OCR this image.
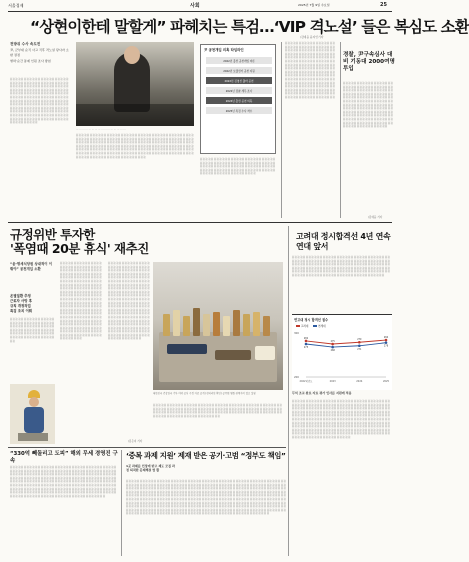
서울경제	사회	2025년 7월 9일 수요일	25
“상현이한테 말할게” 파헤치는 특검…‘VIP 격노설’ 들은 복심도 소환
/김예음 윤지인기자
전방위 수사 속도전
尹, 군부대 순직 사고 직후 격노설 당사자 소환 결정
병력·순간 통제 인원 조사 방침
░ ░ ░ ░ ░ ░ ░ ░ ░ ░ ░ ░ ░ ░ ░ ░ ░ ░ ░ ░ ░ ░ ░ ░ ░ ░ ░ ░ ░ ░ ░ ░ ░ ░ ░ ░ ░ ░ ░ ░ ░ ░ ░ ░ ░ ░ ░ ░ ░ ░ ░ ░ ░ ░ ░ ░ ░ ░ ░ ░ ░ ░ ░ ░ ░ ░ ░ ░ ░ ░ ░ ░ ░ ░ ░ ░ ░ ░ ░ ░ ░ ░ ░ ░ ░ ░ ░ ░ ░ ░ ░ ░ ░ ░ ░ ░ ░ ░ ░ ░ ░ ░ ░ ░ ░ ░ ░ ░ ░ ░ ░ ░ ░ ░ ░ ░ ░ ░ ░ ░ ░ ░ ░ ░ ░ ░ ░ ░ ░ ░ ░ ░ ░ ░ ░ ░ ░ ░ ░ ░ ░ ░ ░ ░ ░ ░ ░ ░ ░ ░ ░ ░ ░ ░ ░ ░ ░ ░ ░ ░ ░ ░ ░ ░ ░ ░ ░ ░ ░ ░ ░ ░ ░ ░ ░ ░ ░ ░ ░ ░ ░ ░ ░ ░ ░ ░ ░ ░ ░ ░ ░ ░ ░ ░ ░ ░ ░ ░ ░ ░ ░ ░ ░ ░ ░ ░ ░ ░ ░ ░ ░ ░ ░ ░ ░ ░ ░ ░ ░ ░ ░ ░ ░ ░ ░ ░ ░ ░ ░ ░ ░ ░ ░ ░ ░ ░ ░ ░ ░ ░ ░ ░ ░ ░ ░ ░ ░ ░ ░ ░ ░ ░ ░ ░ ░ ░ ░ ░ ░ ░ ░ ░
⋯ ⋯ ⋯ ⋯ ⋯ ⋯ ⋯ ⋯ ⋯ ⋯ ⋯ ⋯ ⋯ ⋯ ⋯ ⋯
尹 공천개입 의혹 타임라인
2022년 총선 공천개입 여론
2022년 보궐선거 공천 지원
2022년 김영선 출마 공천
2022년 검찰 세무 조사
2024년 총선 공천 의혹
2025년 특검 수사 착수
░ ░ ░ ░ ░ ░ ░ ░ ░ ░ ░ ░ ░ ░ ░ ░ ░ ░ ░ ░ ░ ░ ░ ░ ░ ░ ░ ░ ░ ░ ░ ░ ░ ░ ░ ░ ░ ░ ░ ░ ░ ░ ░ ░ ░ ░ ░ ░ ░ ░ ░ ░ ░ ░ ░ ░ ░ ░ ░ ░ ░ ░ ░ ░ ░ ░ ░ ░ ░ ░ ░ ░ ░ ░ ░ ░ ░ ░ ░ ░ ░ ░ ░ ░ ░ ░ ░ ░ ░ ░ ░ ░ ░ ░ ░ ░ ░ ░ ░ ░ ░ ░ ░ ░ ░ ░ ░ ░ ░ ░ ░ ░ ░ ░ ░ ░ ░ ░ ░ ░ ░ ░ ░ ░ ░ ░ ░ ░ ░ ░ ░ ░ ░ ░ ░ ░ ░ ░ ░ ░ ░ ░ ░ ░ ░ ░ ░ ░ ░ ░ ░ ░ ░ ░ ░ ░ ░ ░ ░ ░ ░ ░ ░ ░ ░ ░ ░ ░ ░ ░ ░ ░ ░ ░ ░ ░ ░ ░ ░ ░ ░ ░ ░ ░ ░ ░ ░ ░ ░ ░ ░ ░ ░ ░ ░ ░ ░ ░ ░ ░ ░ ░ ░ ░ ░ ░ ░ ░ ░ ░ ░ ░ ░ ░ ░ ░ ░ ░ ░ ░ ░ ░ ░ ░ ░ ░ ░ ░ ░ ░ ░ ░ ░ ░ ░ ░ ░ ░ ░ ░ ░ ░ ░ ░ ░ ░ ░ ░ ░ ░ ░ ░ ░ ░ ░ ░ ░ ░ ░ ░ ░ ░ ░ ░ ░ ░ ░ ░ ░ ░ ░ ░ ░ ░ ░ ░ ░
░ ░ ░ ░ ░ ░ ░ ░ ░ ░ ░ ░ ░ ░ ░ ░ ░ ░ ░ ░ ░ ░ ░ ░ ░ ░ ░ ░ ░ ░ ░ ░ ░ ░ ░ ░ ░ ░ ░ ░ ░ ░ ░ ░ ░ ░ ░ ░ ░ ░ ░ ░ ░ ░ ░ ░ ░ ░ ░ ░ ░ ░ ░ ░ ░ ░ ░ ░ ░ ░ ░ ░ ░ ░ ░ ░ ░ ░ ░ ░ ░ ░ ░ ░ ░ ░ ░ ░ ░ ░ ░ ░ ░ ░ ░ ░ ░ ░ ░ ░ ░ ░ ░ ░ ░ ░ ░ ░ ░ ░ ░ ░ ░ ░ ░ ░ ░ ░ ░ ░ ░ ░ ░ ░ ░ ░ ░ ░
░ ░ ░ ░ ░ ░ ░ ░ ░ ░ ░ ░ ░ ░ ░ ░ ░ ░ ░ ░ ░ ░ ░ ░ ░ ░ ░ ░ ░ ░ ░ ░ ░ ░ ░ ░ ░ ░ ░ ░ ░ ░ ░ ░ ░ ░ ░ ░ ░ ░ ░ ░ ░ ░ ░ ░ ░ ░ ░ ░ ░ ░ ░ ░ ░ ░ ░ ░ ░ ░ ░ ░ ░ ░ ░ ░ ░ ░ ░ ░ ░ ░ ░ ░ ░ ░ ░ ░ ░ ░ ░ ░ ░ ░ ░ ░ ░ ░ ░ ░ ░ ░ ░ ░ ░ ░ ░ ░ ░ ░ ░ ░ ░ ░ ░ ░ ░ ░ ░ ░ ░ ░ ░ ░ ░ ░ ░ ░ ░ ░ ░ ░ ░ ░ ░ ░ ░ ░ ░ ░ ░ ░ ░ ░ ░ ░ ░ ░ ░ ░ ░ ░ ░ ░ ░ ░ ░ ░ ░ ░ ░ ░ ░ ░ ░ ░ ░ ░ ░ ░ ░ ░ ░ ░ ░ ░ ░ ░ ░ ░ ░ ░ ░ ░ ░ ░ ░ ░ ░ ░ ░ ░ ░ ░ ░ ░ ░ ░ ░ ░ ░ ░ ░ ░ ░ ░ ░ ░ ░ ░ ░ ░ ░ ░ ░ ░ ░ ░ ░ ░ ░ ░ ░ ░ ░ ░ ░ ░ ░ ░ ░ ░ ░ ░ ░ ░ ░ ░ ░ ░ ░ ░ ░ ░ ░ ░ ░ ░ ░ ░ ░ ░ ░ ░ ░ ░ ░ ░ ░ ░ ░ ░ ░ ░ ░ ░ ░ ░ ░ ░ ░ ░ ░ ░ ░ ░ ░ ░ ░ ░ ░ ░ ░ ░ ░ ░ ░ ░
경찰, 尹구속심사 대비 기동대 2000여명 투입
░ ░ ░ ░ ░ ░ ░ ░ ░ ░ ░ ░ ░ ░ ░ ░ ░ ░ ░ ░ ░ ░ ░ ░ ░ ░ ░ ░ ░ ░ ░ ░ ░ ░ ░ ░ ░ ░ ░ ░ ░ ░ ░ ░ ░ ░ ░ ░ ░ ░ ░ ░ ░ ░ ░ ░ ░ ░ ░ ░ ░ ░ ░ ░ ░ ░ ░ ░ ░ ░ ░ ░ ░ ░ ░ ░ ░ ░ ░ ░ ░ ░ ░ ░ ░ ░ ░ ░ ░ ░ ░ ░ ░ ░ ░ ░ ░ ░ ░ ░ ░ ░ ░ ░ ░ ░ ░ ░ ░ ░ ░ ░ ░ ░ ░ ░ ░ ░ ░ ░ ░ ░ ░ ░ ░ ░ ░ ░ ░ ░ ░ ░ ░ ░ ░ ░ ░ ░ ░ ░ ░ ░ ░ ░ ░ ░ ░ ░ ░ ░ ░ ░ ░ ░ ░ ░ ░ ░ ░ ░ ░ ░ ░ ░ ░ ░ ░ ░ ░ ░ ░ ░ ░ ░ ░ ░ ░ ░ ░ ░ ░ ░ ░ ░ ░ ░ ░ ░ ░ ░ ░ ░ ░ ░ ░ ░ ░ ░ ░ ░ ░ ░ ░ ░ ░ ░ ░ ░ ░ ░ ░ ░ ░ ░ ░ ░ ░ ░ ░ ░ ░ ░ ░ ░ ░ ░ ░ ░ ░ ░ ░ ░
/김예음 기자
규정위반 투자한
'폭염때 20분 휴식' 재추진
“윤-명세식당원 상대적이 이뤄야” 공천개입 소환
온열질환 추정
근로자 사망 후
규칙 개정작업
특검 조치 이뤄
░ ░ ░ ░ ░ ░ ░ ░ ░ ░ ░ ░ ░ ░ ░ ░ ░ ░ ░ ░ ░ ░ ░ ░ ░ ░ ░ ░ ░ ░ ░ ░ ░ ░ ░ ░ ░ ░ ░ ░ ░ ░ ░ ░ ░ ░ ░ ░ ░ ░ ░ ░ ░ ░ ░ ░ ░ ░ ░ ░ ░ ░ ░ ░ ░ ░ ░ ░ ░ ░ ░ ░ ░ ░ ░ ░ ░ ░ ░ ░ ░ ░ ░ ░ ░ ░ ░ ░ ░ ░ ░ ░ ░ ░ ░ ░ ░ ░
░ ░ ░ ░ ░ ░ ░ ░ ░ ░ ░ ░ ░ ░ ░ ░ ░ ░ ░ ░ ░ ░ ░ ░ ░ ░ ░ ░ ░ ░ ░ ░ ░ ░ ░ ░ ░ ░ ░ ░ ░ ░ ░ ░ ░ ░ ░ ░ ░ ░ ░ ░ ░ ░ ░ ░ ░ ░ ░ ░ ░ ░ ░ ░ ░ ░ ░ ░ ░ ░ ░ ░ ░ ░ ░ ░ ░ ░ ░ ░ ░ ░ ░ ░ ░ ░ ░ ░ ░ ░ ░ ░ ░ ░ ░ ░ ░ ░ ░ ░ ░ ░ ░ ░ ░ ░ ░ ░ ░ ░ ░ ░ ░ ░ ░ ░ ░ ░ ░ ░ ░ ░ ░ ░ ░ ░ ░ ░ ░ ░ ░ ░ ░ ░ ░ ░ ░ ░ ░ ░ ░ ░ ░ ░ ░ ░ ░ ░ ░ ░ ░ ░ ░ ░ ░ ░ ░ ░ ░ ░ ░ ░ ░ ░ ░ ░ ░ ░ ░ ░ ░ ░ ░ ░ ░ ░ ░ ░ ░ ░ ░ ░ ░ ░ ░ ░ ░ ░ ░ ░ ░ ░ ░ ░ ░ ░ ░ ░ ░ ░ ░ ░ ░ ░ ░ ░ ░ ░ ░ ░ ░ ░ ░ ░ ░ ░ ░ ░ ░ ░ ░ ░ ░ ░ ░ ░ ░ ░ ░ ░ ░ ░ ░ ░ ░ ░ ░ ░ ░ ░ ░ ░ ░ ░ ░ ░ ░ ░ ░ ░ ░ ░ ░ ░ ░ ░ ░ ░ ░ ░ ░ ░ ░ ░ ░ ░ ░ ░ ░ ░ ░ ░ ░ ░ ░ ░ ░ ░ ░ ░ ░ ░ ░ ░ ░ ░ ░ ░ ░ ░ ░ ░ ░ ░ ░ ░ ░ ░ ░ ░ ░ ░ ░ ░ ░ ░ ░ ░ ░ ░ ░ ░ ░ ░ ░ ░ ░ ░ ░ ░ ░ ░ ░
░ ░ ░ ░ ░ ░ ░ ░ ░ ░ ░ ░ ░ ░ ░ ░ ░ ░ ░ ░ ░ ░ ░ ░ ░ ░ ░ ░ ░ ░ ░ ░ ░ ░ ░ ░ ░ ░ ░ ░ ░ ░ ░ ░ ░ ░ ░ ░ ░ ░ ░ ░ ░ ░ ░ ░ ░ ░ ░ ░ ░ ░ ░ ░ ░ ░ ░ ░ ░ ░ ░ ░ ░ ░ ░ ░ ░ ░ ░ ░ ░ ░ ░ ░ ░ ░ ░ ░ ░ ░ ░ ░ ░ ░ ░ ░ ░ ░ ░ ░ ░ ░ ░ ░ ░ ░ ░ ░ ░ ░ ░ ░ ░ ░ ░ ░ ░ ░ ░ ░ ░ ░ ░ ░ ░ ░ ░ ░ ░ ░ ░ ░ ░ ░ ░ ░ ░ ░ ░ ░ ░ ░ ░ ░ ░ ░ ░ ░ ░ ░ ░ ░ ░ ░ ░ ░ ░ ░ ░ ░ ░ ░ ░ ░ ░ ░ ░ ░ ░ ░ ░ ░ ░ ░ ░ ░ ░ ░ ░ ░ ░ ░ ░ ░ ░ ░ ░ ░ ░ ░ ░ ░ ░ ░ ░ ░ ░ ░ ░ ░ ░ ░ ░ ░ ░ ░ ░ ░ ░ ░ ░ ░ ░ ░ ░ ░ ░ ░ ░ ░ ░ ░ ░ ░ ░ ░ ░ ░ ░ ░ ░ ░ ░ ░ ░ ░ ░ ░ ░ ░ ░ ░ ░ ░ ░ ░ ░ ░ ░ ░ ░ ░ ░ ░ ░ ░ ░ ░ ░ ░ ░ ░ ░ ░ ░ ░ ░ ░ ░ ░ ░ ░ ░ ░ ░ ░ ░ ░ ░ ░ ░ ░ ░ ░ ░ ░ ░ ░ ░ ░ ░ ░ ░ ░ ░ ░ ░ ░ ░ ░ ░ ░ ░ ░ ░ ░ ░ ░ ░ ░ ░ ░ ░ ░ ░ ░ ░ ░ ░ ░ ░ ░ ░ ░ ░ ░ ░
대한민국 건강한국 기부 마약 공식 수정 자료 공개 (전처리된 확인) 공무원 병원 관계자의 협조 설명
░ ░ ░ ░ ░ ░ ░ ░ ░ ░ ░ ░ ░ ░ ░ ░ ░ ░ ░ ░ ░ ░ ░ ░ ░ ░ ░ ░ ░ ░ ░ ░ ░ ░ ░ ░ ░ ░ ░ ░ ░ ░ ░ ░ ░ ░ ░ ░ ░ ░ ░ ░ ░ ░ ░ ░ ░ ░ ░ ░ ░ ░ ░ ░ ░ ░ ░ ░ ░ ░ ░ ░ ░ ░ ░ ░ ░ ░ ░ ░ ░ ░ ░ ░ ░ ░ ░ ░ ░ ░ ░ ░ ░ ░ ░ ░ ░ ░ ░ ░ ░ ░ ░ ░ ░ ░ ░ ░ ░ ░ ░ ░ ░ ░ ░ ░ ░ ░ ░ ░ ░ ░ ░ ░ ░ ░ ░ ░ ░ ░ ░ ░ ░ ░ ░ ░ ░ ░ ░ ░ ░ ░ ░ ░ ░ ░ ░ ░ ░ ░ ░ ░ ░ ░ ░ ░ ░ ░ ░ ░ ░ ░
/김은지 기자
고려대 정시합격선 4년 연속 연대 앞서
░ ░ ░ ░ ░ ░ ░ ░ ░ ░ ░ ░ ░ ░ ░ ░ ░ ░ ░ ░ ░ ░ ░ ░ ░ ░ ░ ░ ░ ░ ░ ░ ░ ░ ░ ░ ░ ░ ░ ░ ░ ░ ░ ░ ░ ░ ░ ░ ░ ░ ░ ░ ░ ░ ░ ░ ░ ░ ░ ░ ░ ░ ░ ░ ░ ░ ░ ░ ░ ░ ░ ░ ░ ░ ░ ░ ░ ░ ░ ░ ░ ░ ░ ░ ░ ░ ░ ░ ░ ░ ░ ░ ░ ░ ░ ░ ░ ░ ░ ░ ░ ░ ░ ░ ░ ░ ░ ░ ░ ░ ░ ░ ░ ░ ░ ░ ░ ░ ░ ░ ░ ░ ░ ░ ░ ░ ░ ░ ░ ░ ░ ░ ░ ░ ░ ░ ░ ░ ░ ░ ░ ░ ░ ░ ░ ░ ░ ░ ░ ░ ░ ░ ░ ░ ░ ░ ░ ░ ░ ░ ░ ░ ░ ░ ░ ░ ░ ░ ░ ░ ░ ░ ░ ░ ░ ░ ░ ░ ░ ░ ░ ░ ░ ░ ░ ░ ░ ░ ░ ░ ░ ░ ░ ░ ░ ░ ░ ░ ░ ░ ░ ░ ░ ░ ░ ░ ░ ░
연고대 정시 합격선 점수
고려대	연세대
300
200
2022학년도	2023	2024	2025
282
275
279
284
275
268	271
278
무석 조교 완료 자료 평가 인사를 지원에 적용
░ ░ ░ ░ ░ ░ ░ ░ ░ ░ ░ ░ ░ ░ ░ ░ ░ ░ ░ ░ ░ ░ ░ ░ ░ ░ ░ ░ ░ ░ ░ ░ ░ ░ ░ ░ ░ ░ ░ ░ ░ ░ ░ ░ ░ ░ ░ ░ ░ ░ ░ ░ ░ ░ ░ ░ ░ ░ ░ ░ ░ ░ ░ ░ ░ ░ ░ ░ ░ ░ ░ ░ ░ ░ ░ ░ ░ ░ ░ ░ ░ ░ ░ ░ ░ ░ ░ ░ ░ ░ ░ ░ ░ ░ ░ ░ ░ ░ ░ ░ ░ ░ ░ ░ ░ ░ ░ ░ ░ ░ ░ ░ ░ ░ ░ ░ ░ ░ ░ ░ ░ ░ ░ ░ ░ ░ ░ ░ ░ ░ ░ ░ ░ ░ ░ ░ ░ ░ ░ ░ ░ ░ ░ ░ ░ ░ ░ ░ ░ ░ ░ ░ ░ ░ ░ ░ ░ ░ ░ ░ ░ ░ ░ ░ ░ ░ ░ ░ ░ ░ ░ ░ ░ ░ ░ ░ ░ ░ ░ ░ ░ ░ ░ ░ ░ ░ ░ ░ ░ ░ ░ ░ ░ ░ ░ ░ ░ ░ ░ ░ ░ ░ ░ ░ ░ ░ ░ ░ ░ ░ ░ ░ ░ ░ ░ ░ ░ ░ ░ ░ ░ ░ ░ ░ ░ ░ ░ ░ ░ ░ ░ ░ ░ ░ ░ ░ ░ ░ ░ ░ ░ ░ ░ ░ ░ ░ ░ ░ ░ ░ ░ ░ ░ ░ ░ ░ ░ ░ ░ ░ ░ ░ ░ ░ ░ ░ ░ ░ ░ ░ ░ ░ ░ ░ ░ ░ ░ ░ ░ ░ ░ ░ ░ ░ ░ ░ ░ ░ ░ ░ ░ ░ ░ ░ ░ ░ ░ ░ ░ ░ ░ ░ ░ ░ ░ ░ ░ ░ ░ ░ ░ ░ ░ ░ ░ ░ ░ ░ ░ ░ ░ ░ ░ ░ ░ ░ ░ ░ ░ ░ ░ ░ ░ ░ ░ ░ ░ ░ ░ ░ ░ ░ ░ ░ ░ ░ ░ ░ ░ ░ ░ ░ ░ ░ ░ ░ ░ ░ ░ ░ ░ ░ ░ ░ ░ ░ ░ ░ ░ ░ ░
“330억 빼돌리고 도피” 해외 무세 경영진 구속
░ ░ ░ ░ ░ ░ ░ ░ ░ ░ ░ ░ ░ ░ ░ ░ ░ ░ ░ ░ ░ ░ ░ ░ ░ ░ ░ ░ ░ ░ ░ ░ ░ ░ ░ ░ ░ ░ ░ ░ ░ ░ ░ ░ ░ ░ ░ ░ ░ ░ ░ ░ ░ ░ ░ ░ ░ ░ ░ ░ ░ ░ ░ ░ ░ ░ ░ ░ ░ ░ ░ ░ ░ ░ ░ ░ ░ ░ ░ ░ ░ ░ ░ ░ ░ ░ ░ ░ ░ ░ ░ ░ ░ ░ ░ ░ ░ ░ ░ ░ ░ ░ ░ ░ ░ ░ ░ ░ ░ ░ ░ ░ ░ ░ ░ ░ ░ ░ ░ ░ ░ ░ ░ ░ ░ ░ ░ ░ ░ ░ ░ ░ ░ ░ ░ ░ ░ ░ ░ ░ ░ ░ ░ ░ ░ ░ ░ ░ ░ ░ ░ ░ ░ ░ ░ ░ ░ ░ ░ ░ ░ ░ ░ ░ ░ ░ ░ ░ ░ ░ ░ ░ ░ ░ ░ ░ ░ ░ ░ ░ ░ ░ ░ ░ ░ ░ ░ ░ ░ ░ ░ ░ ░ ░ ░ ░ ░ ░ ░ ░ ░ ░ ░ ░ ░ ░ ░ ░ ░ ░ ░ ░ ░ ░ ░ ░ ░ ░ ░ ░ ░ ░ ░ ░ ░ ░ ░ ░ ░ ░ ░ ░ ░ ░ ░ ░ ░ ░ ░ ░ ░ ░ ░ ░ ░ ░ ░ ░ ░ ░ ░ ░ ░ ░ ░ ░ ░ ░ ░ ░ ░ ░ ░ ░ ░ ░ ░ ░ ░ ░ ░ ░ ░ ░ ░ ░ ░ ░ ░ ░ ░ ░ ░ ░ ░ ░ ░ ░ ░ ░ ░ ░ ░ ░ ░ ░ ░ ░ ░ ░ ░ ░ ░ ░ ░ ░ ░ ░ ░ ░ ░ ░ ░ ░ ░ ░ ░ ░ ░ ░ ░ ░ ░ ░ ░ ░ ░ ░ ░ ░ ░ ░ ░ ░ ░ ░ ░ ░
‘중복 과제 지원’ 제재 받은 공기·고범 “정부도 책임”
1곳 과제를 인정에 받고 제도 모집 과정 퇴직한 문제해결 법 활
░ ░ ░ ░ ░ ░ ░ ░ ░ ░ ░ ░ ░ ░ ░ ░ ░ ░ ░ ░ ░ ░ ░ ░ ░ ░ ░ ░ ░ ░ ░ ░ ░ ░ ░ ░ ░ ░ ░ ░ ░ ░ ░ ░ ░ ░ ░ ░ ░ ░ ░ ░ ░ ░ ░ ░ ░ ░ ░ ░ ░ ░ ░ ░ ░ ░ ░ ░ ░ ░ ░ ░ ░ ░ ░ ░ ░ ░ ░ ░ ░ ░ ░ ░ ░ ░ ░ ░ ░ ░ ░ ░ ░ ░ ░ ░ ░ ░ ░ ░ ░ ░ ░ ░ ░ ░ ░ ░ ░ ░ ░ ░ ░ ░ ░ ░ ░ ░ ░ ░ ░ ░ ░ ░ ░ ░ ░ ░ ░ ░ ░ ░ ░ ░ ░ ░ ░ ░ ░ ░ ░ ░ ░ ░ ░ ░ ░ ░ ░ ░ ░ ░ ░ ░ ░ ░ ░ ░ ░ ░ ░ ░ ░ ░ ░ ░ ░ ░ ░ ░ ░ ░ ░ ░ ░ ░ ░ ░ ░ ░ ░ ░ ░ ░ ░ ░ ░ ░ ░ ░ ░ ░ ░ ░ ░ ░ ░ ░ ░ ░ ░ ░ ░ ░ ░ ░ ░ ░ ░ ░ ░ ░ ░ ░ ░ ░ ░ ░ ░ ░ ░ ░ ░ ░ ░ ░ ░ ░ ░ ░ ░ ░ ░ ░ ░ ░ ░ ░ ░ ░ ░ ░ ░ ░ ░ ░ ░ ░ ░ ░ ░ ░ ░ ░ ░ ░ ░ ░ ░ ░ ░ ░ ░ ░ ░ ░ ░ ░ ░ ░ ░ ░ ░ ░ ░ ░ ░ ░ ░ ░ ░ ░ ░ ░ ░ ░ ░ ░ ░ ░ ░ ░ ░ ░ ░ ░ ░ ░ ░ ░ ░ ░ ░ ░ ░ ░ ░ ░ ░ ░ ░ ░ ░ ░ ░ ░ ░ ░ ░ ░ ░ ░ ░ ░ ░ ░ ░ ░ ░ ░ ░ ░ ░ ░ ░ ░ ░ ░ ░ ░ ░ ░ ░ ░ ░ ░ ░ ░ ░ ░ ░ ░ ░ ░ ░ ░ ░ ░ ░ ░ ░ ░ ░ ░ ░ ░ ░ ░ ░ ░ ░ ░ ░ ░ ░ ░ ░ ░ ░ ░ ░ ░ ░ ░ ░ ░ ░ ░ ░ ░ ░ ░ ░ ░ ░ ░ ░ ░ ░ ░ ░ ░ ░ ░ ░ ░ ░ ░ ░ ░ ░ ░ ░ ░ ░ ░ ░ ░ ░ ░ ░ ░ ░ ░ ░ ░ ░ ░ ░ ░ ░ ░ ░ ░ ░ ░ ░ ░ ░ ░ ░ ░ ░ ░ ░ ░ ░ ░ ░ ░ ░ ░ ░ ░ ░ ░ ░ ░ ░ ░ ░ ░ ░ ░ ░ ░ ░ ░ ░ ░ ░ ░ ░ ░ ░ ░ ░ ░ ░ ░ ░ ░ ░ ░ ░ ░ ░ ░ ░ ░ ░ ░ ░ ░ ░ ░ ░ ░ ░ ░ ░ ░ ░ ░ ░ ░ ░ ░ ░ ░ ░ ░ ░ ░ ░ ░ ░ ░ ░ ░ ░ ░ ░ ░ ░ ░ ░ ░ ░ ░ ░ ░ ░ ░ ░ ░ ░ ░ ░ ░ ░ ░ ░ ░ ░ ░ ░ ░ ░ ░ ░ ░ ░ ░ ░ ░ ░ ░ ░ ░ ░ ░ ░ ░
